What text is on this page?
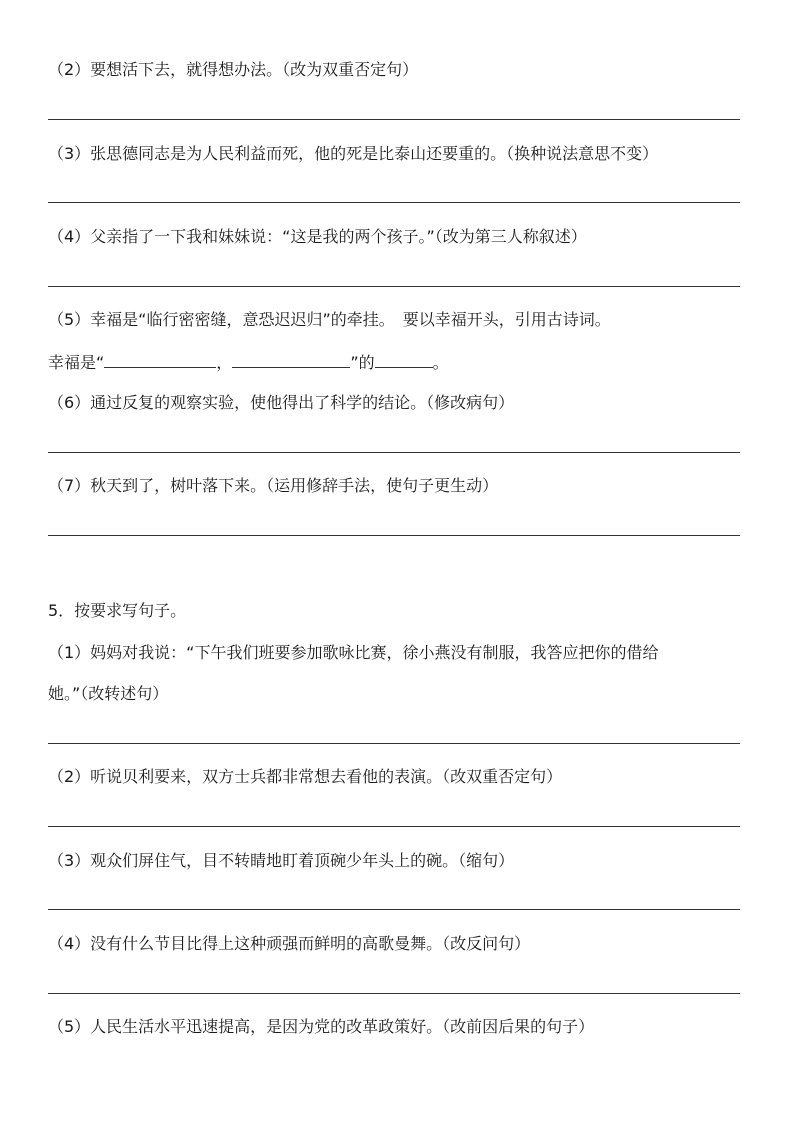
（2）要想活下去，就得想办法。（改为双重否定句）
（3）张思德同志是为人民利益而死，他的死是比泰山还要重的。（换种说法意思不变）
（4）父亲指了一下我和妹妹说：“这是我的两个孩子。”（改为第三人称叙述）
（5）幸福是“临行密密缝，意恐迟迟归”的牵挂。　要以幸福开头，引用古诗词。
幸福是“	，	”的	。
（6）通过反复的观察实验，使他得出了科学的结论。（修改病句）
（7）秋天到了，树叶落下来。（运用修辞手法，使句子更生动）
5．按要求写句子。
（1）妈妈对我说：“下午我们班要参加歌咏比赛，徐小燕没有制服，我答应把你的借给
她。”（改转述句）
（2）听说贝利要来，双方士兵都非常想去看他的表演。（改双重否定句）
（3）观众们屏住气，目不转睛地盯着顶碗少年头上的碗。（缩句）
（4）没有什么节目比得上这种顽强而鲜明的高歌曼舞。（改反问句）
（5）人民生活水平迅速提高，是因为党的改革政策好。（改前因后果的句子）
